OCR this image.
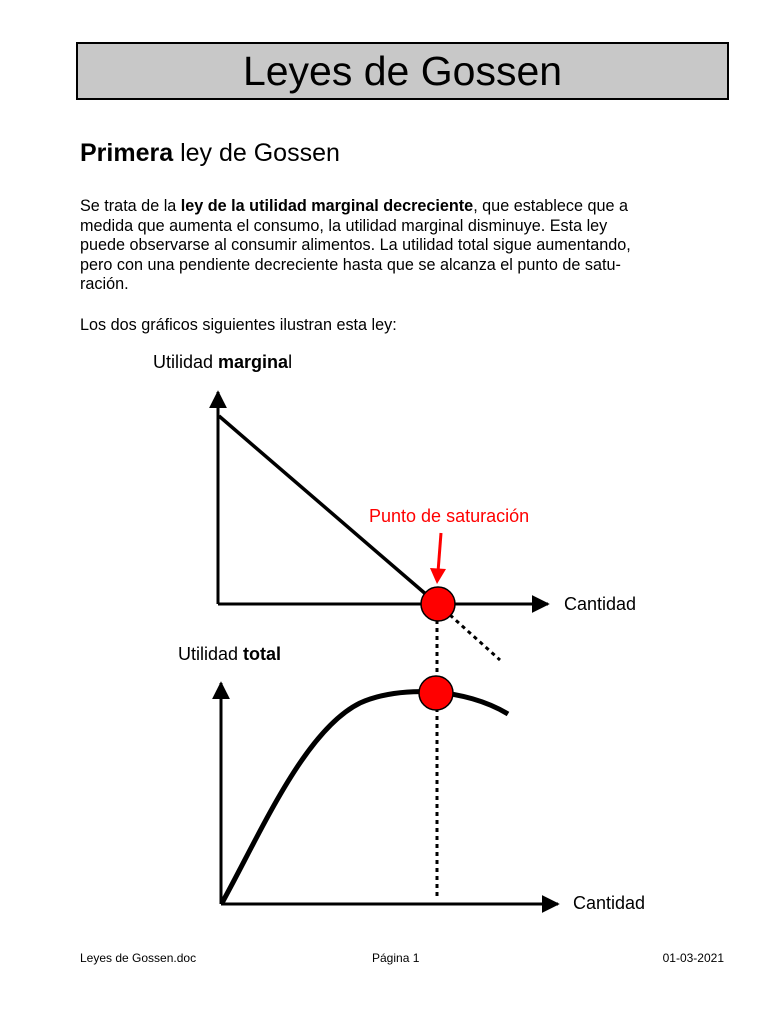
Leyes de Gossen
Primera ley de Gossen

Se trata de la ley de la utilidad marginal decreciente, que establece que a

medida que aumenta el consumo, la utilidad marginal disminuye. Esta ley

puede observarse al consumir alimentos. La utilidad total sigue aumentando,

pero con una pendiente decreciente hasta que se alcanza el punto de satu-

ración.

Los dos gráficos siguientes ilustran esta ley:

Utilidad marginal
Cantidad
Punto de saturación
Utilidad total
Cantidad
Leyes de Gossen.doc	Página 1	01-03-2021
